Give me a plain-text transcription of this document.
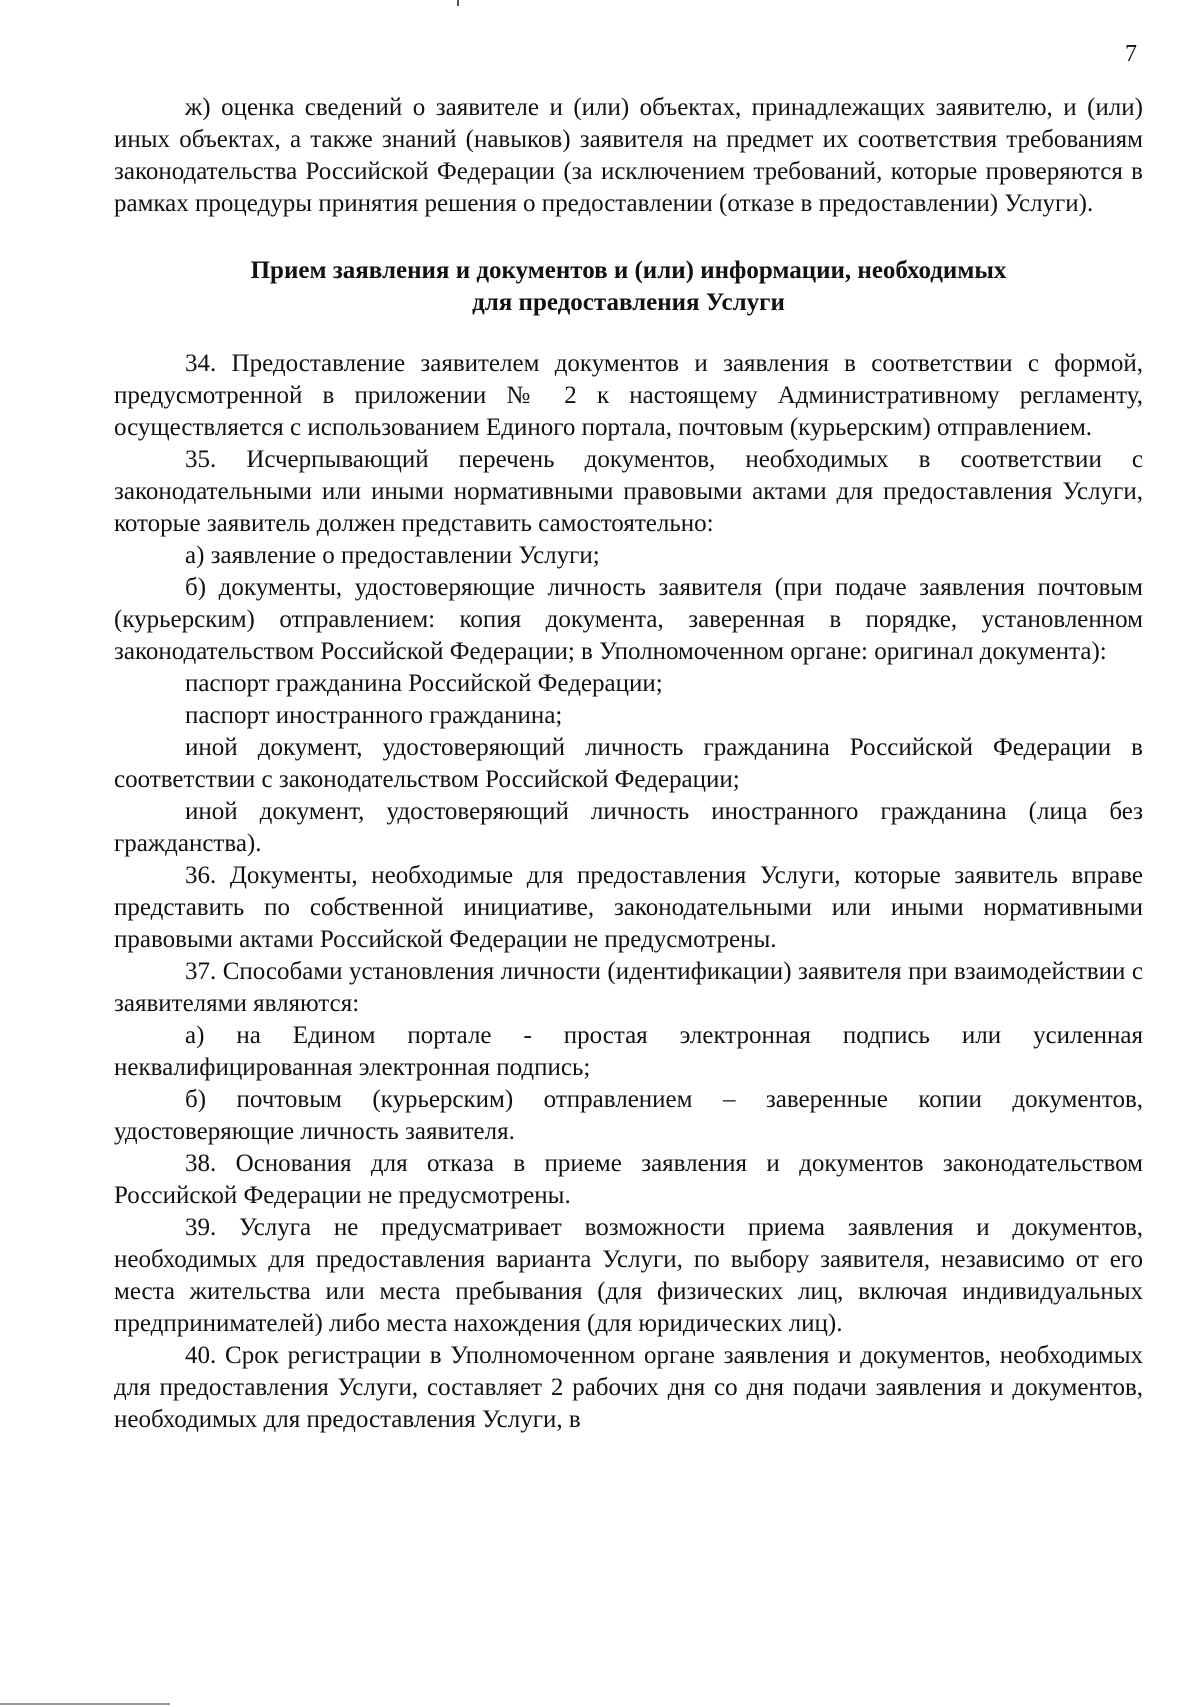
7

ж) оценка сведений о заявителе и (или) объектах, принадлежащих заявителю, и (или) иных объектах, а также знаний (навыков) заявителя на предмет их соответствия требованиям законодательства Российской Федерации (за исключением требований, которые проверяются в рамках процедуры принятия решения о предоставлении (отказе в предоставлении) Услуги).

Прием заявления и документов и (или) информации, необходимых
для предоставления Услуги

34. Предоставление заявителем документов и заявления в соответствии с формой, предусмотренной в приложении № 2 к настоящему Административному регламенту, осуществляется с использованием Единого портала, почтовым (курьерским) отправлением.

35. Исчерпывающий перечень документов, необходимых в соответствии с законодательными или иными нормативными правовыми актами для предоставления Услуги, которые заявитель должен представить самостоятельно:

а) заявление о предоставлении Услуги;

б) документы, удостоверяющие личность заявителя (при подаче заявления почтовым (курьерским) отправлением: копия документа, заверенная в порядке, установленном законодательством Российской Федерации; в Уполномоченном органе: оригинал документа):

паспорт гражданина Российской Федерации;

паспорт иностранного гражданина;

иной документ, удостоверяющий личность гражданина Российской Федерации в соответствии с законодательством Российской Федерации;

иной документ, удостоверяющий личность иностранного гражданина (лица без гражданства).

36. Документы, необходимые для предоставления Услуги, которые заявитель вправе представить по собственной инициативе, законодательными или иными нормативными правовыми актами Российской Федерации не предусмотрены.

37. Способами установления личности (идентификации) заявителя при взаимодействии с заявителями являются:

а) на Едином портале - простая электронная подпись или усиленная неквалифицированная электронная подпись;

б) почтовым (курьерским) отправлением – заверенные копии документов, удостоверяющие личность заявителя.

38. Основания для отказа в приеме заявления и документов законодательством Российской Федерации не предусмотрены.

39. Услуга не предусматривает возможности приема заявления и документов, необходимых для предоставления варианта Услуги, по выбору заявителя, независимо от его места жительства или места пребывания (для физических лиц, включая индивидуальных предпринимателей) либо места нахождения (для юридических лиц).

40. Срок регистрации в Уполномоченном органе заявления и документов, необходимых для предоставления Услуги, составляет 2 рабочих дня со дня подачи заявления и документов, необходимых для предоставления Услуги, в
